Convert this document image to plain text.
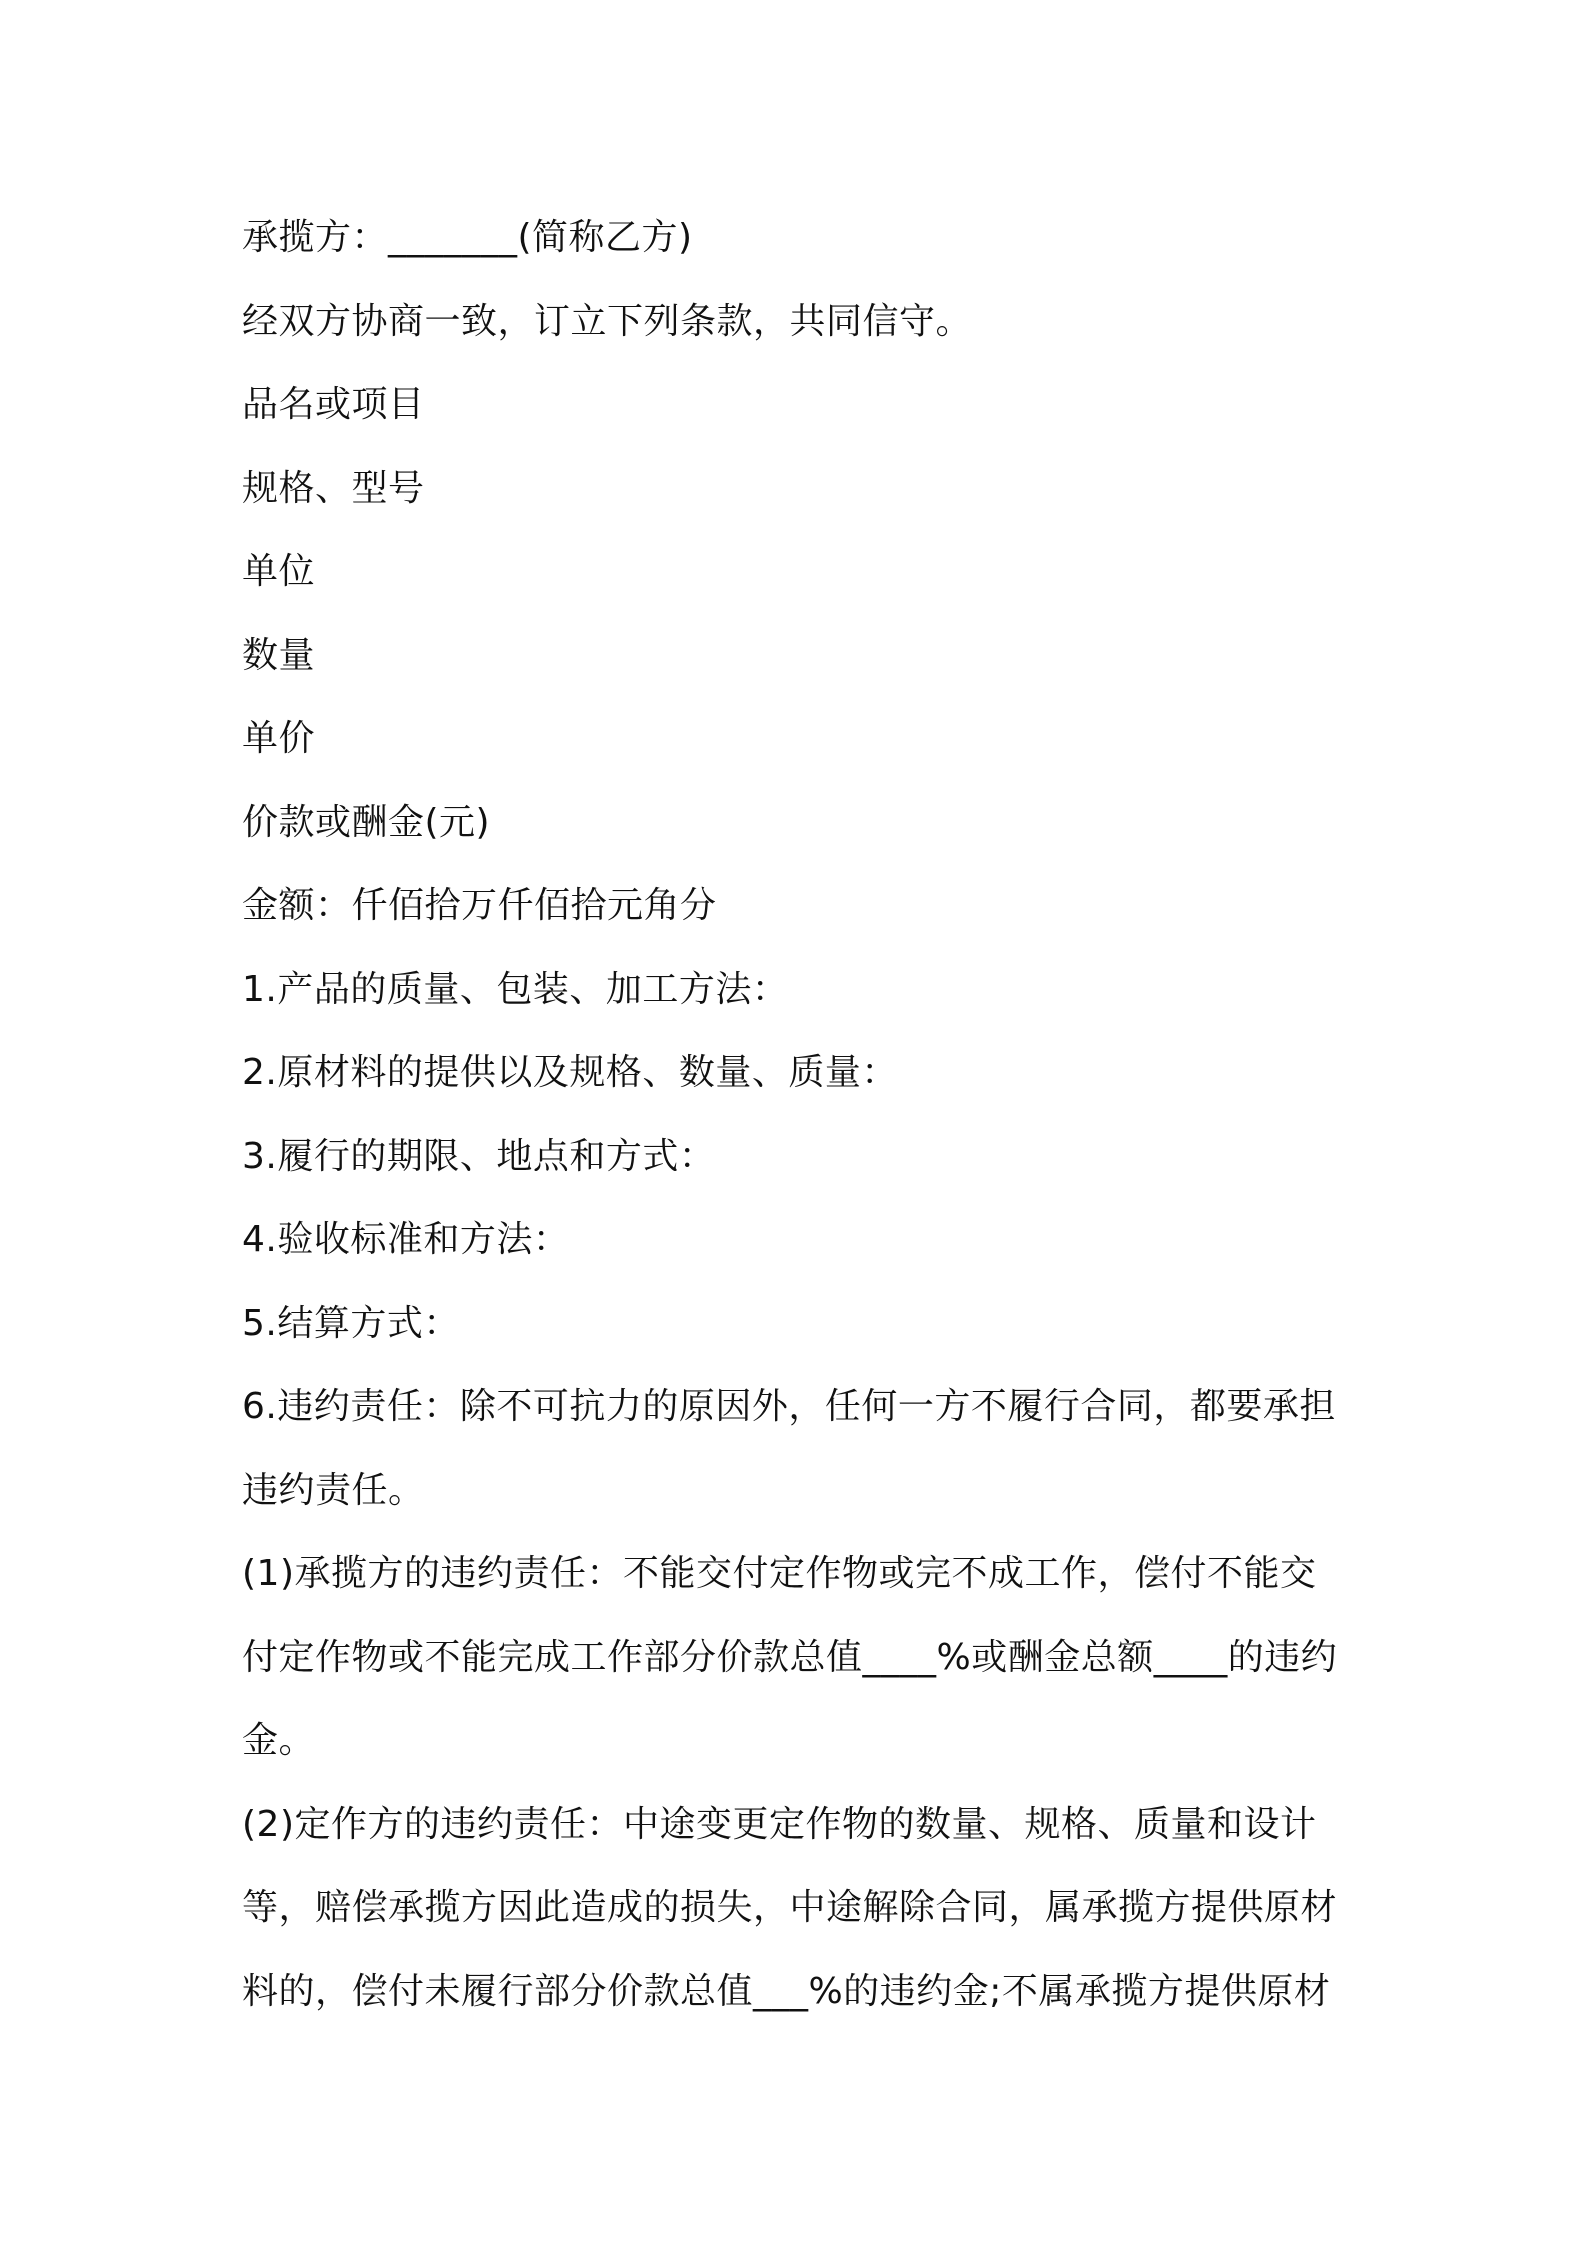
承揽方：_______(简称乙方)

经双方协商一致，订立下列条款，共同信守。

品名或项目

规格、型号

单位

数量

单价

价款或酬金(元)

金额：仟佰拾万仟佰拾元角分

1.产品的质量、包装、加工方法：

2.原材料的提供以及规格、数量、质量：

3.履行的期限、地点和方式：

4.验收标准和方法：

5.结算方式：

6.违约责任：除不可抗力的原因外，任何一方不履行合同，都要承担违约责任。

(1)承揽方的违约责任：不能交付定作物或完不成工作，偿付不能交付定作物或不能完成工作部分价款总值____%或酬金总额____的违约金。

(2)定作方的违约责任：中途变更定作物的数量、规格、质量和设计等，赔偿承揽方因此造成的损失，中途解除合同，属承揽方提供原材料的，偿付未履行部分价款总值___%的违约金;不属承揽方提供原材
